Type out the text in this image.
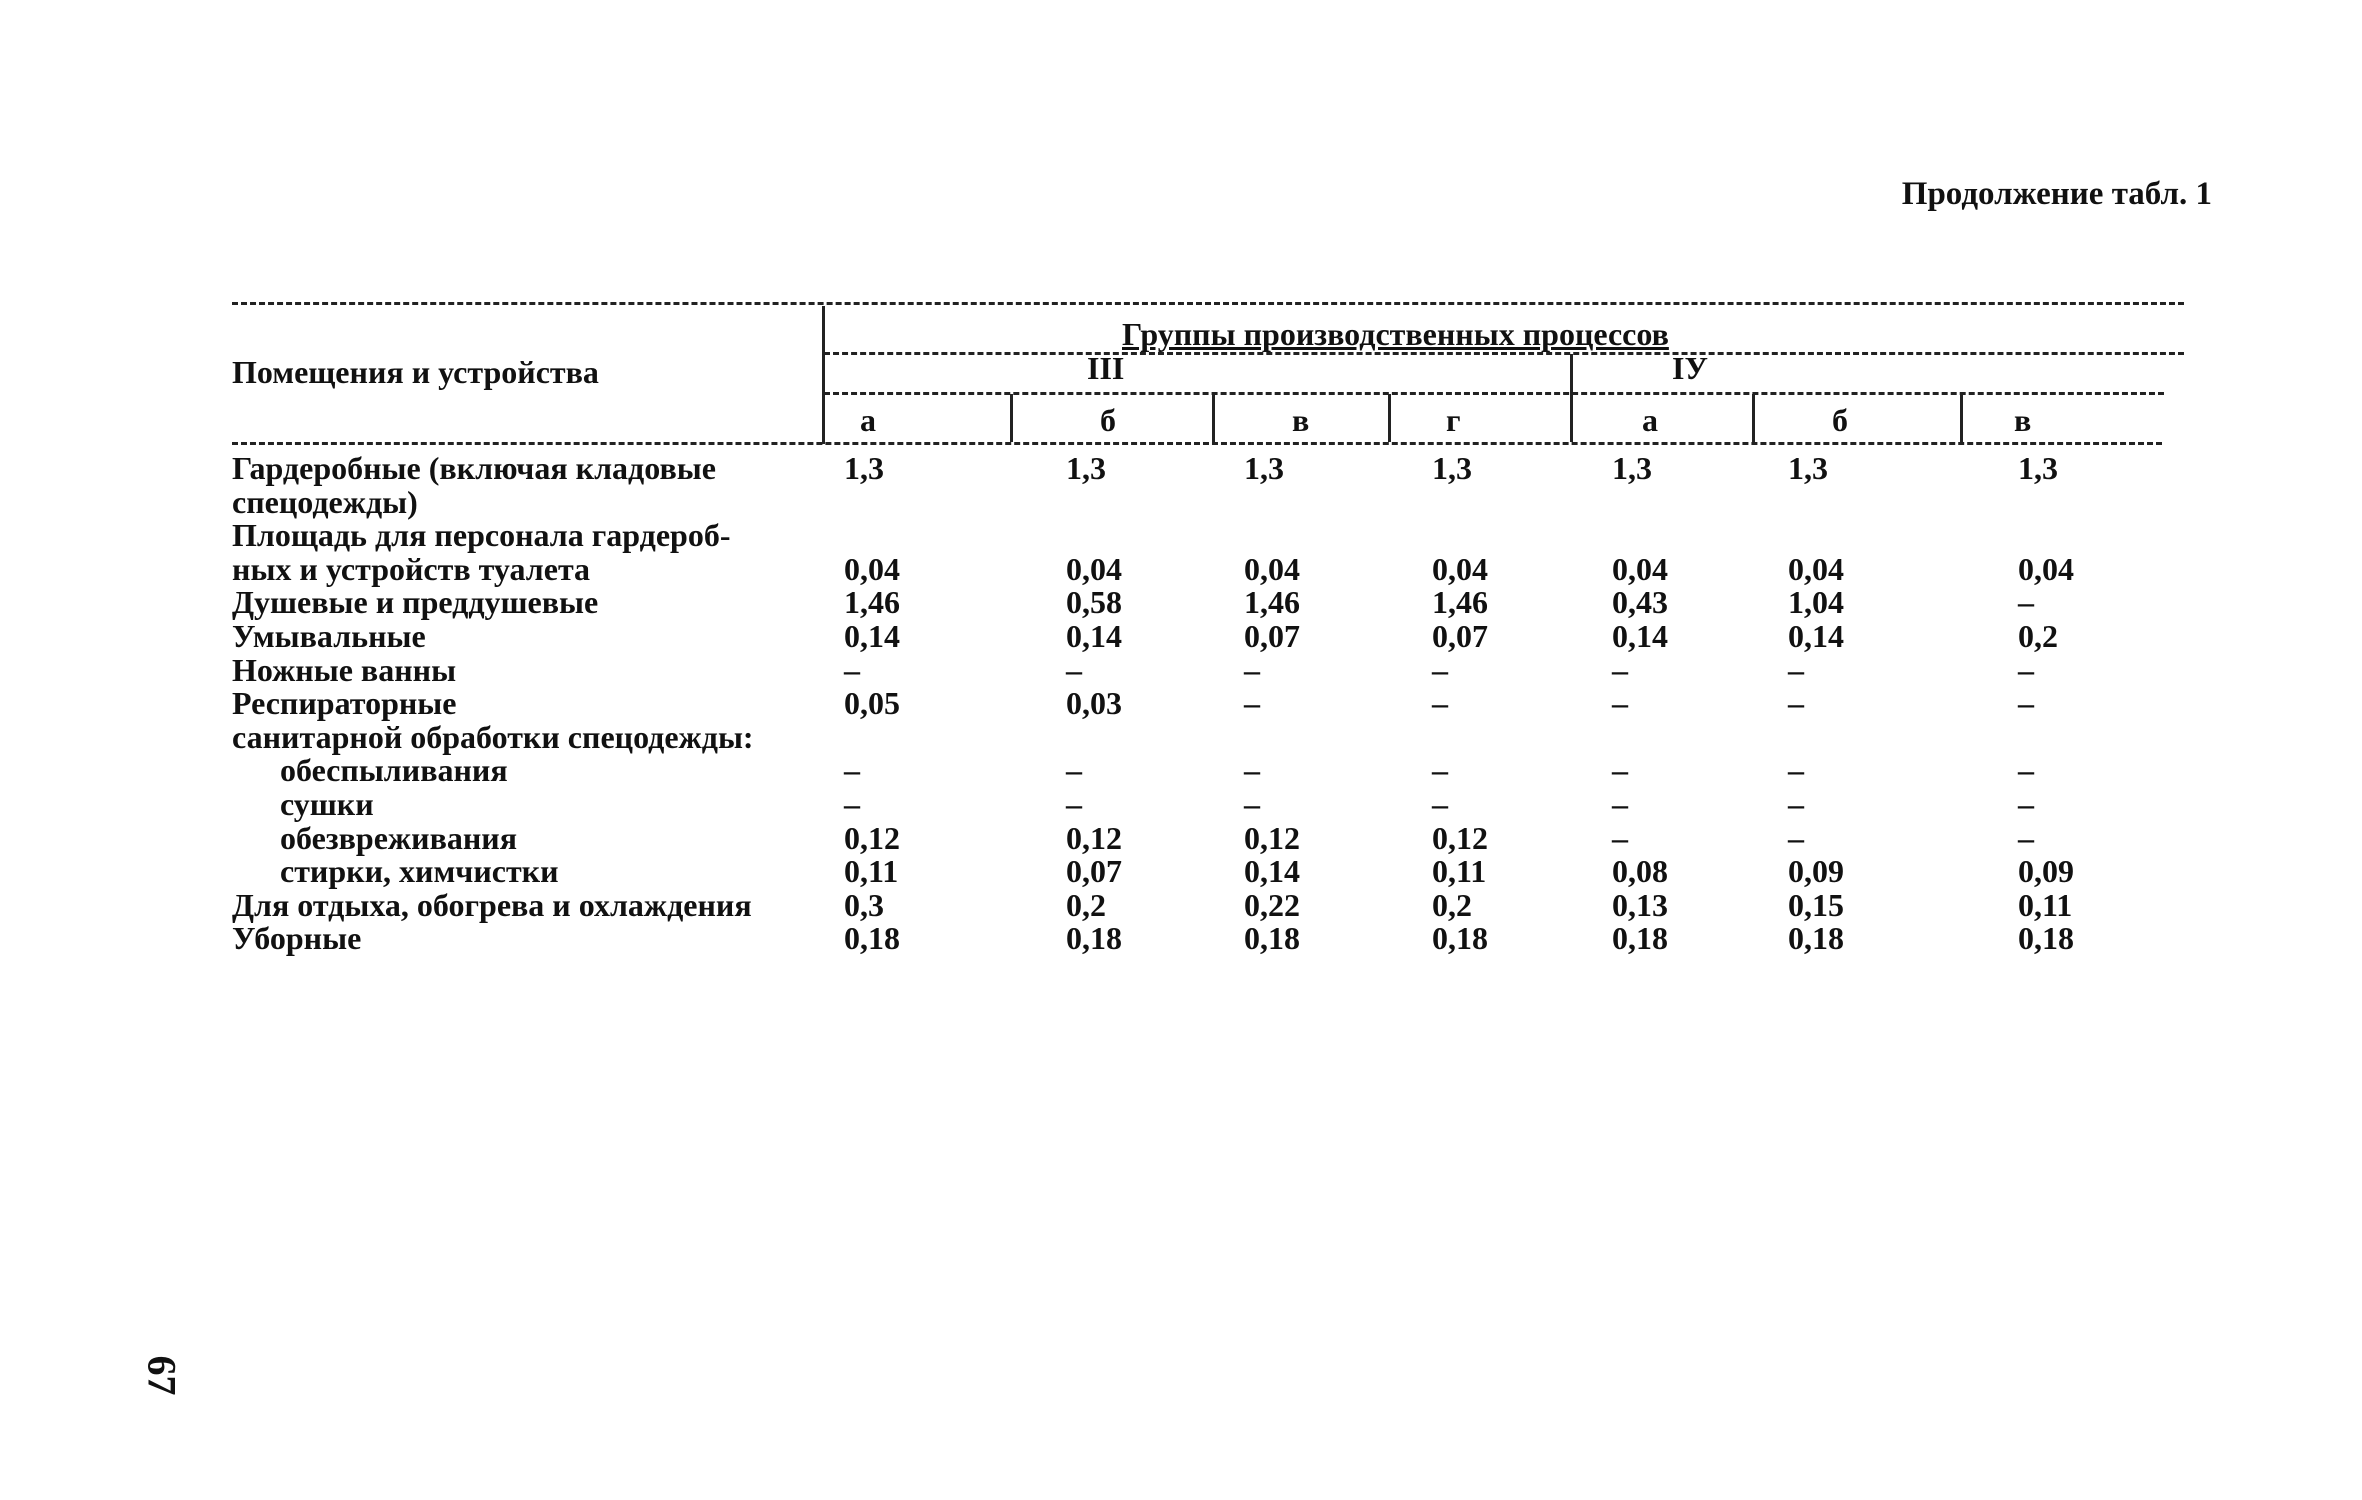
Продолжение табл. 1
67
Помещения и устройства
Группы производственных процессов
III	IУ
а	б	в	г	а	б	в
Гардеробные (включая кладовые
спецодежды)
1,3	1,3	1,3	1,3	1,3	1,3	1,3
Площадь для персонала гардероб-
ных и устройств туалета	0,04	0,04	0,04	0,04	0,04	0,04	0,04
Душевые и преддушевые	1,46	0,58	1,46	1,46	0,43	1,04	–
Умывальные	0,14	0,14	0,07	0,07	0,14	0,14	0,2
Ножные ванны	–	–	–	–	–	–	–
Респираторные	0,05	0,03	–	–	–	–	–
санитарной обработки спецодежды:
обеспыливания	–	–	–	–	–	–	–
сушки	–	–	–	–	–	–	–
обезвреживания	0,12	0,12	0,12	0,12	–	–	–
стирки, химчистки	0,11	0,07	0,14	0,11	0,08	0,09	0,09
Для отдыха, обогрева и охлаждения	0,3	0,2	0,22	0,2	0,13	0,15	0,11
Уборные	0,18	0,18	0,18	0,18	0,18	0,18	0,18
